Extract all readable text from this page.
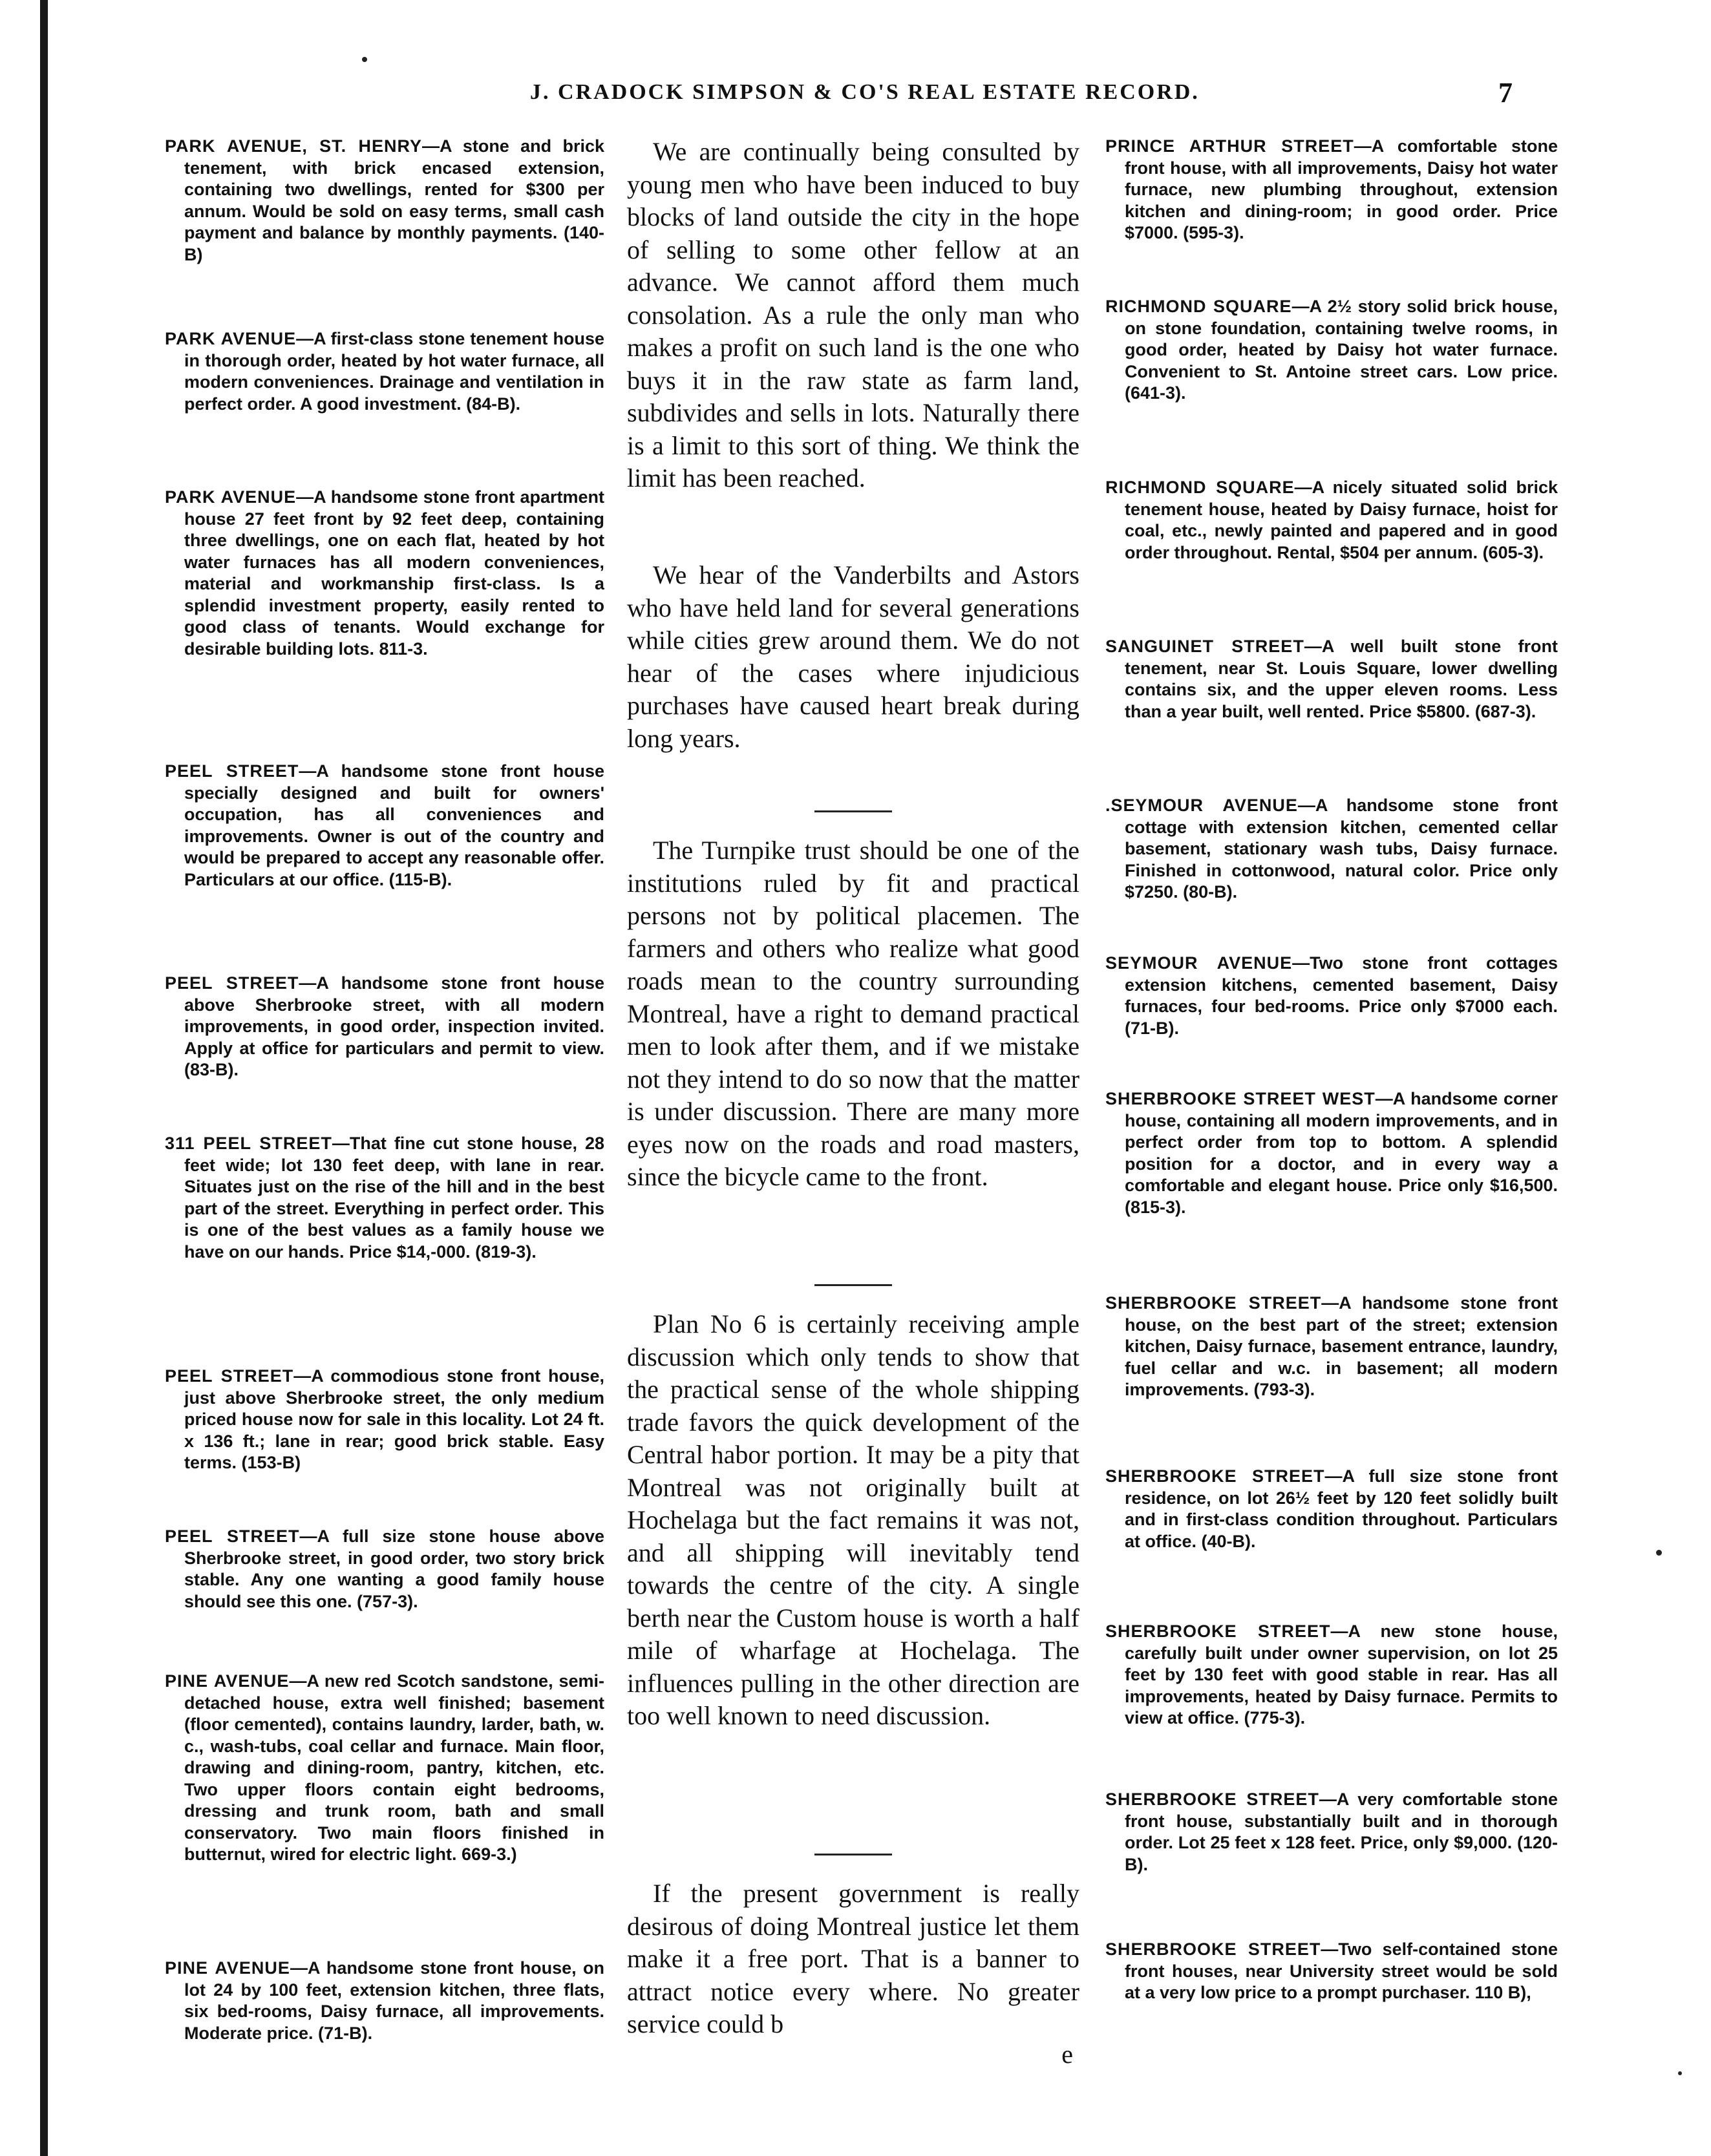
J. CRADOCK SIMPSON & CO'S REAL ESTATE RECORD.	7

PARK AVENUE, ST. HENRY—A stone and brick tenement, with brick encased extension, containing two dwellings, rented for $300 per annum. Would be sold on easy terms, small cash payment and balance by monthly payments. (140-B)

PARK AVENUE—A first-class stone tenement house in thorough order, heated by hot water furnace, all modern conveniences. Drainage and ventilation in perfect order. A good investment. (84-B).

PARK AVENUE—A handsome stone front apartment house 27 feet front by 92 feet deep, containing three dwellings, one on each flat, heated by hot water furnaces has all modern conveniences, material and workmanship first-class. Is a splendid investment property, easily rented to good class of tenants. Would exchange for desirable building lots. 811-3.

PEEL STREET—A handsome stone front house specially designed and built for owners' occupation, has all conveniences and improvements. Owner is out of the country and would be prepared to accept any reasonable offer. Particulars at our office. (115-B).

PEEL STREET—A handsome stone front house above Sherbrooke street, with all modern improvements, in good order, inspection invited. Apply at office for particulars and permit to view. (83-B).

311 PEEL STREET—That fine cut stone house, 28 feet wide; lot 130 feet deep, with lane in rear. Situates just on the rise of the hill and in the best part of the street. Everything in perfect order. This is one of the best values as a family house we have on our hands. Price $14,-000. (819-3).

PEEL STREET—A commodious stone front house, just above Sherbrooke street, the only medium priced house now for sale in this locality. Lot 24 ft. x 136 ft.; lane in rear; good brick stable. Easy terms. (153-B)

PEEL STREET—A full size stone house above Sherbrooke street, in good order, two story brick stable. Any one wanting a good family house should see this one. (757-3).

PINE AVENUE—A new red Scotch sandstone, semi-detached house, extra well finished; basement (floor cemented), contains laundry, larder, bath, w. c., wash-tubs, coal cellar and furnace. Main floor, drawing and dining-room, pantry, kitchen, etc. Two upper floors contain eight bedrooms, dressing and trunk room, bath and small conservatory. Two main floors finished in butternut, wired for electric light. 669-3.)

PINE AVENUE—A handsome stone front house, on lot 24 by 100 feet, extension kitchen, three flats, six bed-rooms, Daisy furnace, all improvements. Moderate price. (71-B).

We are continually being consulted by young men who have been induced to buy blocks of land outside the city in the hope of selling to some other fellow at an advance. We cannot afford them much consolation. As a rule the only man who makes a profit on such land is the one who buys it in the raw state as farm land, subdivides and sells in lots. Naturally there is a limit to this sort of thing. We think the limit has been reached.

We hear of the Vanderbilts and Astors who have held land for several generations while cities grew around them. We do not hear of the cases where injudicious purchases have caused heart break during long years.

The Turnpike trust should be one of the institutions ruled by fit and practical persons not by political placemen. The farmers and others who realize what good roads mean to the country surrounding Montreal, have a right to demand practical men to look after them, and if we mistake not they intend to do so now that the matter is under discussion. There are many more eyes now on the roads and road masters, since the bicycle came to the front.

Plan No 6 is certainly receiving ample discussion which only tends to show that the practical sense of the whole shipping trade favors the quick development of the Central habor portion. It may be a pity that Montreal was not originally built at Hochelaga but the fact remains it was not, and all shipping will inevitably tend towards the centre of the city. A single berth near the Custom house is worth a half mile of wharfage at Hochelaga. The influences pulling in the other direction are too well known to need discussion.

If the present government is really desirous of doing Montreal justice let them make it a free port. That is a banner to attract notice every where. No greater service could b

e

PRINCE ARTHUR STREET—A comfortable stone front house, with all improvements, Daisy hot water furnace, new plumbing throughout, extension kitchen and dining-room; in good order. Price $7000. (595-3).

RICHMOND SQUARE—A 2½ story solid brick house, on stone foundation, containing twelve rooms, in good order, heated by Daisy hot water furnace. Convenient to St. Antoine street cars. Low price. (641-3).

RICHMOND SQUARE—A nicely situated solid brick tenement house, heated by Daisy furnace, hoist for coal, etc., newly painted and papered and in good order throughout. Rental, $504 per annum. (605-3).

SANGUINET STREET—A well built stone front tenement, near St. Louis Square, lower dwelling contains six, and the upper eleven rooms. Less than a year built, well rented. Price $5800. (687-3).

.SEYMOUR AVENUE—A handsome stone front cottage with extension kitchen, cemented cellar basement, stationary wash tubs, Daisy furnace. Finished in cottonwood, natural color. Price only $7250. (80-B).

SEYMOUR AVENUE—Two stone front cottages extension kitchens, cemented basement, Daisy furnaces, four bed-rooms. Price only $7000 each. (71-B).

SHERBROOKE STREET WEST—A handsome corner house, containing all modern improvements, and in perfect order from top to bottom. A splendid position for a doctor, and in every way a comfortable and elegant house. Price only $16,500. (815-3).

SHERBROOKE STREET—A handsome stone front house, on the best part of the street; extension kitchen, Daisy furnace, basement entrance, laundry, fuel cellar and w.c. in basement; all modern improvements. (793-3).

SHERBROOKE STREET—A full size stone front residence, on lot 26½ feet by 120 feet solidly built and in first-class condition throughout. Particulars at office. (40-B).

SHERBROOKE STREET—A new stone house, carefully built under owner supervision, on lot 25 feet by 130 feet with good stable in rear. Has all improvements, heated by Daisy furnace. Permits to view at office. (775-3).

SHERBROOKE STREET—A very comfortable stone front house, substantially built and in thorough order. Lot 25 feet x 128 feet. Price, only $9,000. (120-B).

SHERBROOKE STREET—Two self-contained stone front houses, near University street would be sold at a very low price to a prompt purchaser. 110 B),
